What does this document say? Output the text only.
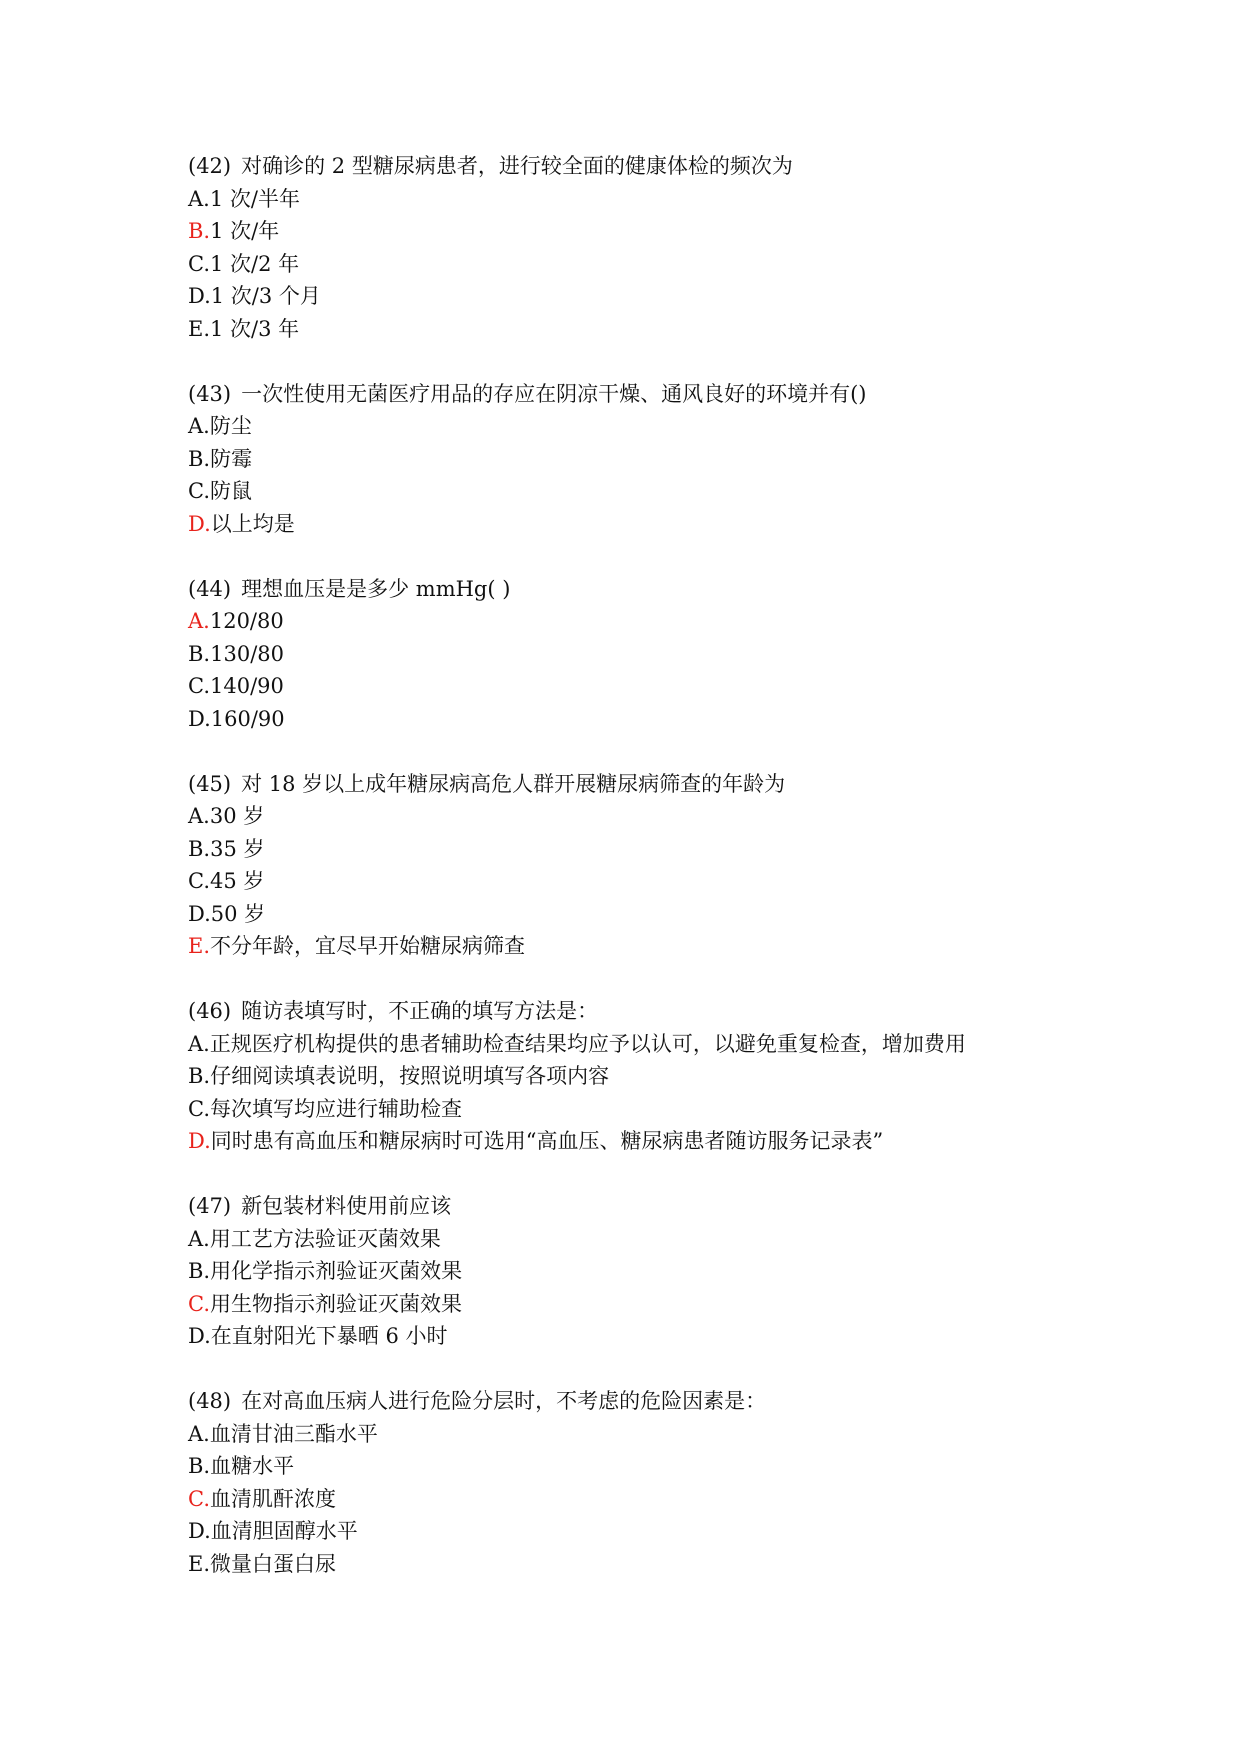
(42) 对确诊的 2 型糖尿病患者，进行较全面的健康体检的频次为
A.1 次/半年
B.1 次/年
C.1 次/2 年
D.1 次/3 个月
E.1 次/3 年
(43) 一次性使用无菌医疗用品的存应在阴凉干燥、通风良好的环境并有()
A.防尘
B.防霉
C.防鼠
D.以上均是
(44) 理想血压是是多少 mmHg( )
A.120/80
B.130/80
C.140/90
D.160/90
(45) 对 18 岁以上成年糖尿病高危人群开展糖尿病筛查的年龄为
A.30 岁
B.35 岁
C.45 岁
D.50 岁
E.不分年龄，宜尽早开始糖尿病筛查
(46) 随访表填写时，不正确的填写方法是：
A.正规医疗机构提供的患者辅助检查结果均应予以认可，以避免重复检查，增加费用
B.仔细阅读填表说明，按照说明填写各项内容
C.每次填写均应进行辅助检查
D.同时患有高血压和糖尿病时可选用“高血压、糖尿病患者随访服务记录表”
(47) 新包装材料使用前应该
A.用工艺方法验证灭菌效果
B.用化学指示剂验证灭菌效果
C.用生物指示剂验证灭菌效果
D.在直射阳光下暴晒 6 小时
(48) 在对高血压病人进行危险分层时，不考虑的危险因素是：
A.血清甘油三酯水平
B.血糖水平
C.血清肌酐浓度
D.血清胆固醇水平
E.微量白蛋白尿
